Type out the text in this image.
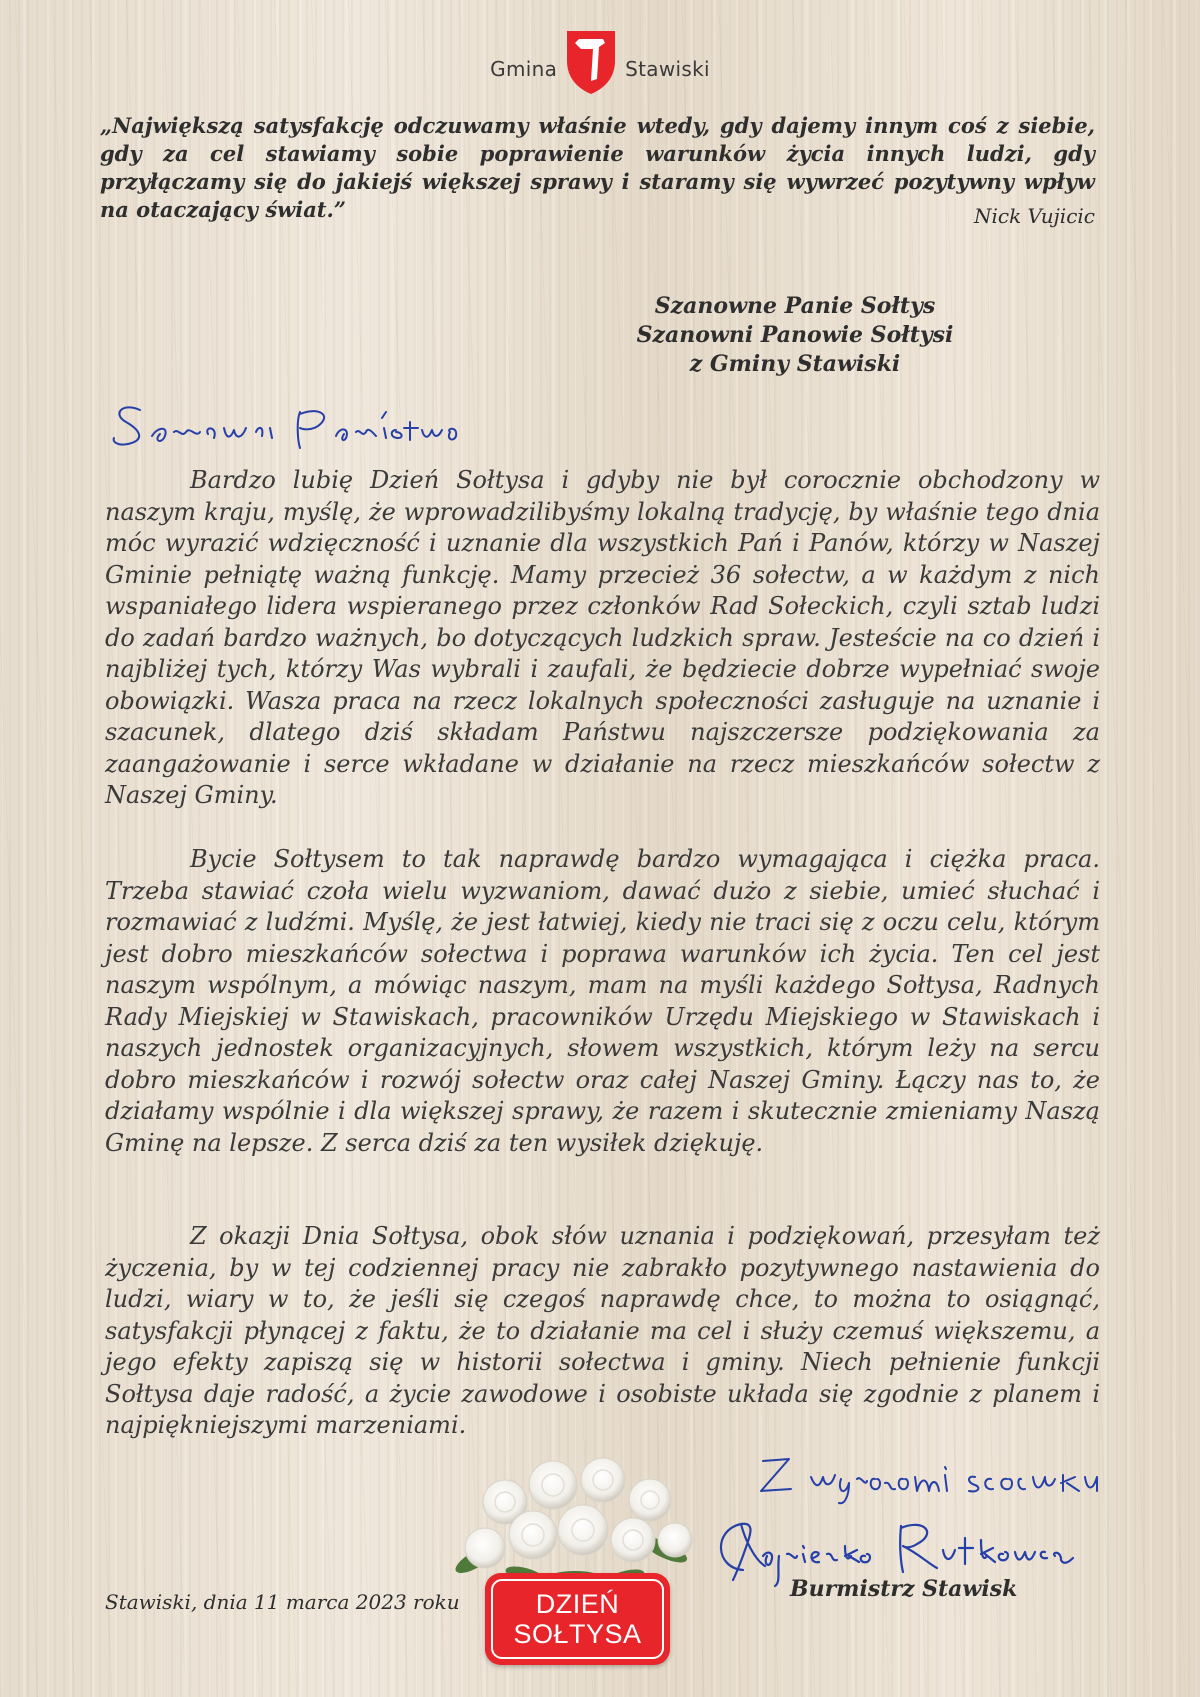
Gmina	Stawiski
„Największą satysfakcję odczuwamy właśnie wtedy, gdy dajemy innym coś z siebie, gdy za cel stawiamy sobie poprawienie warunków życia innych ludzi, gdy przyłączamy się do jakiejś większej sprawy i staramy się wywrzeć pozytywny wpływ na otaczający świat.”	Nick Vujicic
Szanowne Panie Sołtys
Szanowni Panowie Sołtysi
z Gminy Stawiski
Szanowni Państwo

Bardzo lubię Dzień Sołtysa i gdyby nie był corocznie obchodzony w naszym kraju, myślę, że wprowadzilibyśmy lokalną tradycję, by właśnie tego dnia móc wyrazić wdzięczność i uznanie dla wszystkich Pań i Panów, którzy w Naszej Gminie pełniątę ważną funkcję. Mamy przecież 36 sołectw, a w każdym z nich wspaniałego lidera wspieranego przez członków Rad Sołeckich, czyli sztab ludzi do zadań bardzo ważnych, bo dotyczących ludzkich spraw. Jesteście na co dzień i najbliżej tych, którzy Was wybrali i zaufali, że będziecie dobrze wypełniać swoje obowiązki. Wasza praca na rzecz lokalnych społeczności zasługuje na uznanie i szacunek, dlatego dziś składam Państwu najszczersze podziękowania za zaangażowanie i serce wkładane w działanie na rzecz mieszkańców sołectw z Naszej Gminy.

Bycie Sołtysem to tak naprawdę bardzo wymagająca i ciężka praca. Trzeba stawiać czoła wielu wyzwaniom, dawać dużo z siebie, umieć słuchać i rozmawiać z ludźmi. Myślę, że jest łatwiej, kiedy nie traci się z oczu celu, którym jest dobro mieszkańców sołectwa i poprawa warunków ich życia. Ten cel jest naszym wspólnym, a mówiąc naszym, mam na myśli każdego Sołtysa, Radnych Rady Miejskiej w Stawiskach, pracowników Urzędu Miejskiego w Stawiskach i naszych jednostek organizacyjnych, słowem wszystkich, którym leży na sercu dobro mieszkańców i rozwój sołectw oraz całej Naszej Gminy. Łączy nas to, że działamy wspólnie i dla większej sprawy, że razem i skutecznie zmieniamy Naszą Gminę na lepsze. Z serca dziś za ten wysiłek dziękuję.

Z okazji Dnia Sołtysa, obok słów uznania i podziękowań, przesyłam też życzenia, by w tej codziennej pracy nie zabrakło pozytywnego nastawienia do ludzi, wiary w to, że jeśli się czegoś naprawdę chce, to można to osiągnąć, satysfakcji płynącej z faktu, że to działanie ma cel i służy czemuś większemu, a jego efekty zapiszą się w historii sołectwa i gminy. Niech pełnienie funkcji Sołtysa daje radość, a życie zawodowe i osobiste układa się zgodnie z planem i najpiękniejszymi marzeniami.

DZIEŃ
SOŁTYSA
Stawiski, dnia 11 marca 2023 roku
Z wyrazami szacunku
Agnieszka Rutkowska
Burmistrz Stawisk
